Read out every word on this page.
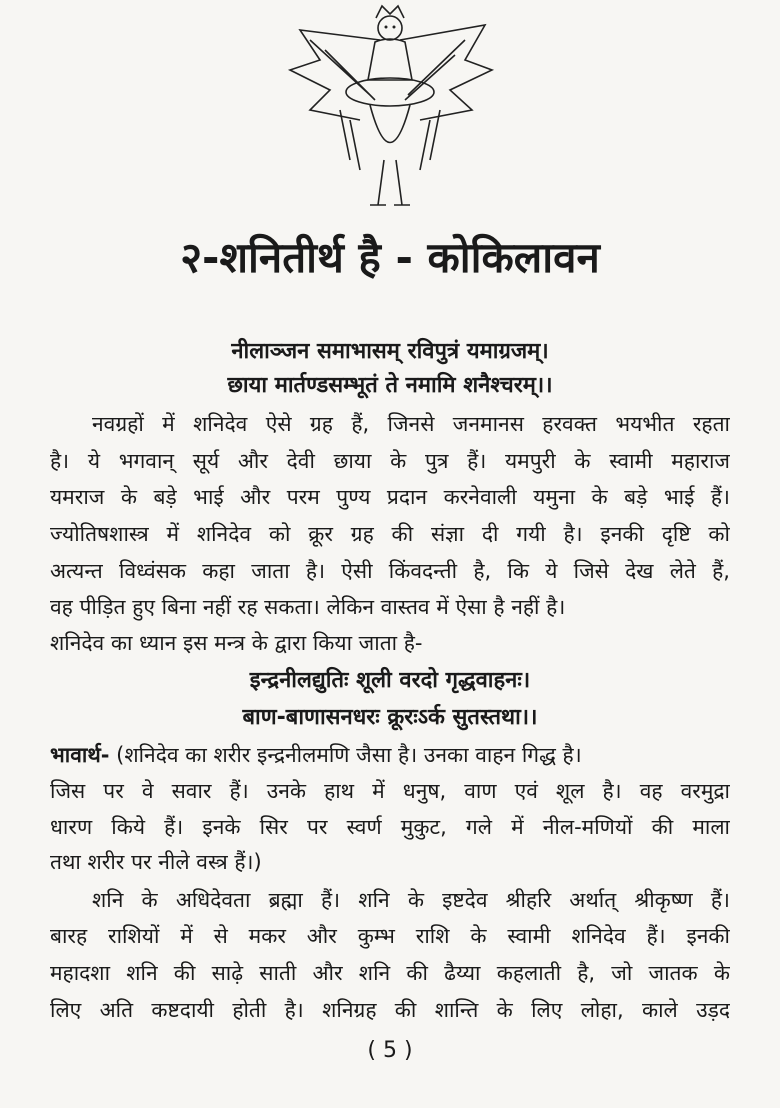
२-शनितीर्थ है - कोकिलावन
नीलाञ्जन समाभासम् रविपुत्रं यमाग्रजम्।
छाया मार्तण्डसम्भूतं ते नमामि शनैश्चरम्।।
नवग्रहों में शनिदेव ऐसे ग्रह हैं, जिनसे जनमानस हरवक्त भयभीत रहता
है। ये भगवान् सूर्य और देवी छाया के पुत्र हैं। यमपुरी के स्वामी महाराज
यमराज के बड़े भाई और परम पुण्य प्रदान करनेवाली यमुना के बड़े भाई हैं।
ज्योतिषशास्त्र में शनिदेव को क्रूर ग्रह की संज्ञा दी गयी है। इनकी दृष्टि को
अत्यन्त विध्वंसक कहा जाता है। ऐसी किंवदन्ती है, कि ये जिसे देख लेते हैं,
वह पीड़ित हुए बिना नहीं रह सकता। लेकिन वास्तव में ऐसा है नहीं है।
शनिदेव का ध्यान इस मन्त्र के द्वारा किया जाता है-
इन्द्रनीलद्युतिः शूली वरदो गृद्धवाहनः।
बाण-बाणासनधरः क्रूरःऽर्क सुतस्तथा।।
भावार्थ- (शनिदेव का शरीर इन्द्रनीलमणि जैसा है। उनका वाहन गिद्ध है।
जिस पर वे सवार हैं। उनके हाथ में धनुष, वाण एवं शूल है। वह वरमुद्रा
धारण किये हैं। इनके सिर पर स्वर्ण मुकुट, गले में नील-मणियों की माला
तथा शरीर पर नीले वस्त्र हैं।)
शनि के अधिदेवता ब्रह्मा हैं। शनि के इष्टदेव श्रीहरि अर्थात् श्रीकृष्ण हैं।
बारह राशियों में से मकर और कुम्भ राशि के स्वामी शनिदेव हैं। इनकी
महादशा शनि की साढ़े साती और शनि की ढैय्या कहलाती है, जो जातक के
लिए अति कष्टदायी होती है। शनिग्रह की शान्ति के लिए लोहा, काले उड़द
( 5 )
